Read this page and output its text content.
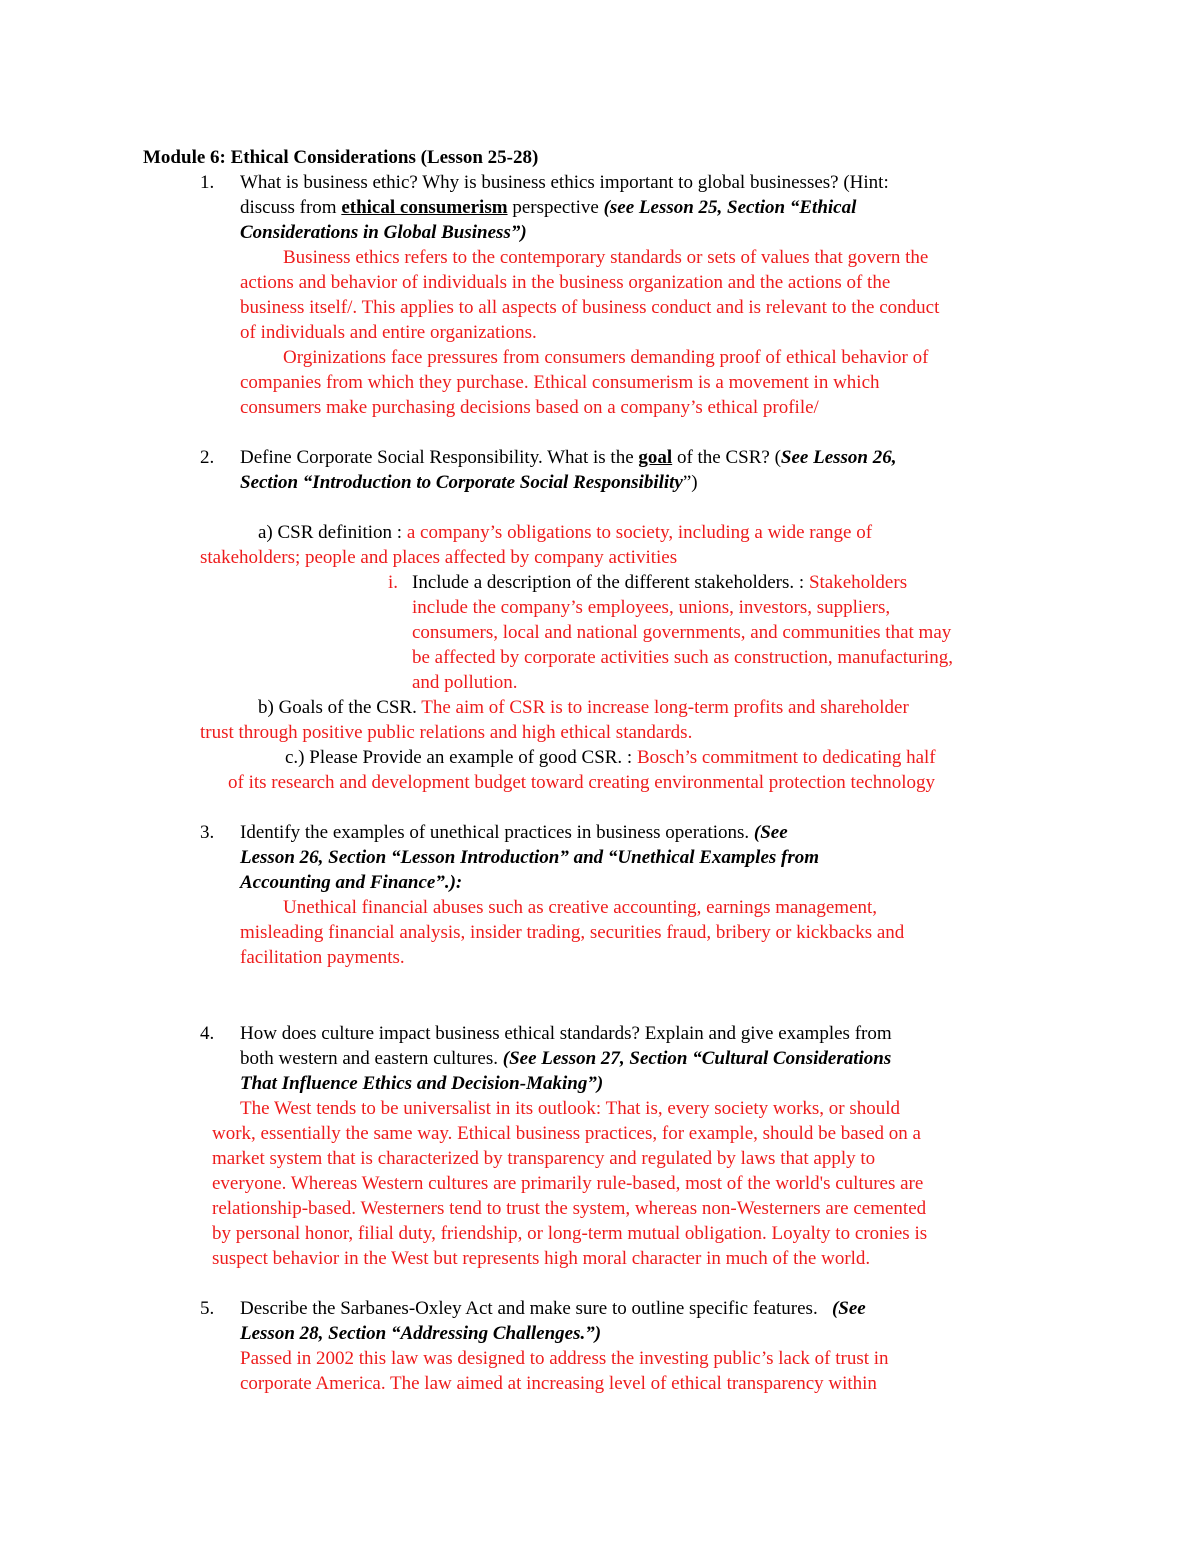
Module 6: Ethical Considerations (Lesson 25-28)
1. What is business ethic? Why is business ethics important to global businesses? (Hint:
discuss from ethical consumerism perspective (see Lesson 25, Section “Ethical
Considerations in Global Business”)
Business ethics refers to the contemporary standards or sets of values that govern the
actions and behavior of individuals in the business organization and the actions of the
business itself/. This applies to all aspects of business conduct and is relevant to the conduct
of individuals and entire organizations.
Orginizations face pressures from consumers demanding proof of ethical behavior of
companies from which they purchase. Ethical consumerism is a movement in which
consumers make purchasing decisions based on a company’s ethical profile/
2. Define Corporate Social Responsibility. What is the goal of the CSR? (See Lesson 26,
Section “Introduction to Corporate Social Responsibility”)
a) CSR definition : a company’s obligations to society, including a wide range of
stakeholders; people and places affected by company activities
i. Include a description of the different stakeholders. : Stakeholders
include the company’s employees, unions, investors, suppliers,
consumers, local and national governments, and communities that may
be affected by corporate activities such as construction, manufacturing,
and pollution.
b) Goals of the CSR. The aim of CSR is to increase long-term profits and shareholder
trust through positive public relations and high ethical standards.
c.) Please Provide an example of good CSR. : Bosch’s commitment to dedicating half
of its research and development budget toward creating environmental protection technology
3. Identify the examples of unethical practices in business operations. (See
Lesson 26, Section “Lesson Introduction” and “Unethical Examples from
Accounting and Finance”.):
Unethical financial abuses such as creative accounting, earnings management,
misleading financial analysis, insider trading, securities fraud, bribery or kickbacks and
facilitation payments.
4. How does culture impact business ethical standards? Explain and give examples from
both western and eastern cultures. (See Lesson 27, Section “Cultural Considerations
That Influence Ethics and Decision-Making”)
The West tends to be universalist in its outlook: That is, every society works, or should
work, essentially the same way. Ethical business practices, for example, should be based on a
market system that is characterized by transparency and regulated by laws that apply to
everyone. Whereas Western cultures are primarily rule-based, most of the world's cultures are
relationship-based. Westerners tend to trust the system, whereas non-Westerners are cemented
by personal honor, filial duty, friendship, or long-term mutual obligation. Loyalty to cronies is
suspect behavior in the West but represents high moral character in much of the world.
5. Describe the Sarbanes-Oxley Act and make sure to outline specific features.   (See
Lesson 28, Section “Addressing Challenges.”)
Passed in 2002 this law was designed to address the investing public’s lack of trust in
corporate America. The law aimed at increasing level of ethical transparency within
